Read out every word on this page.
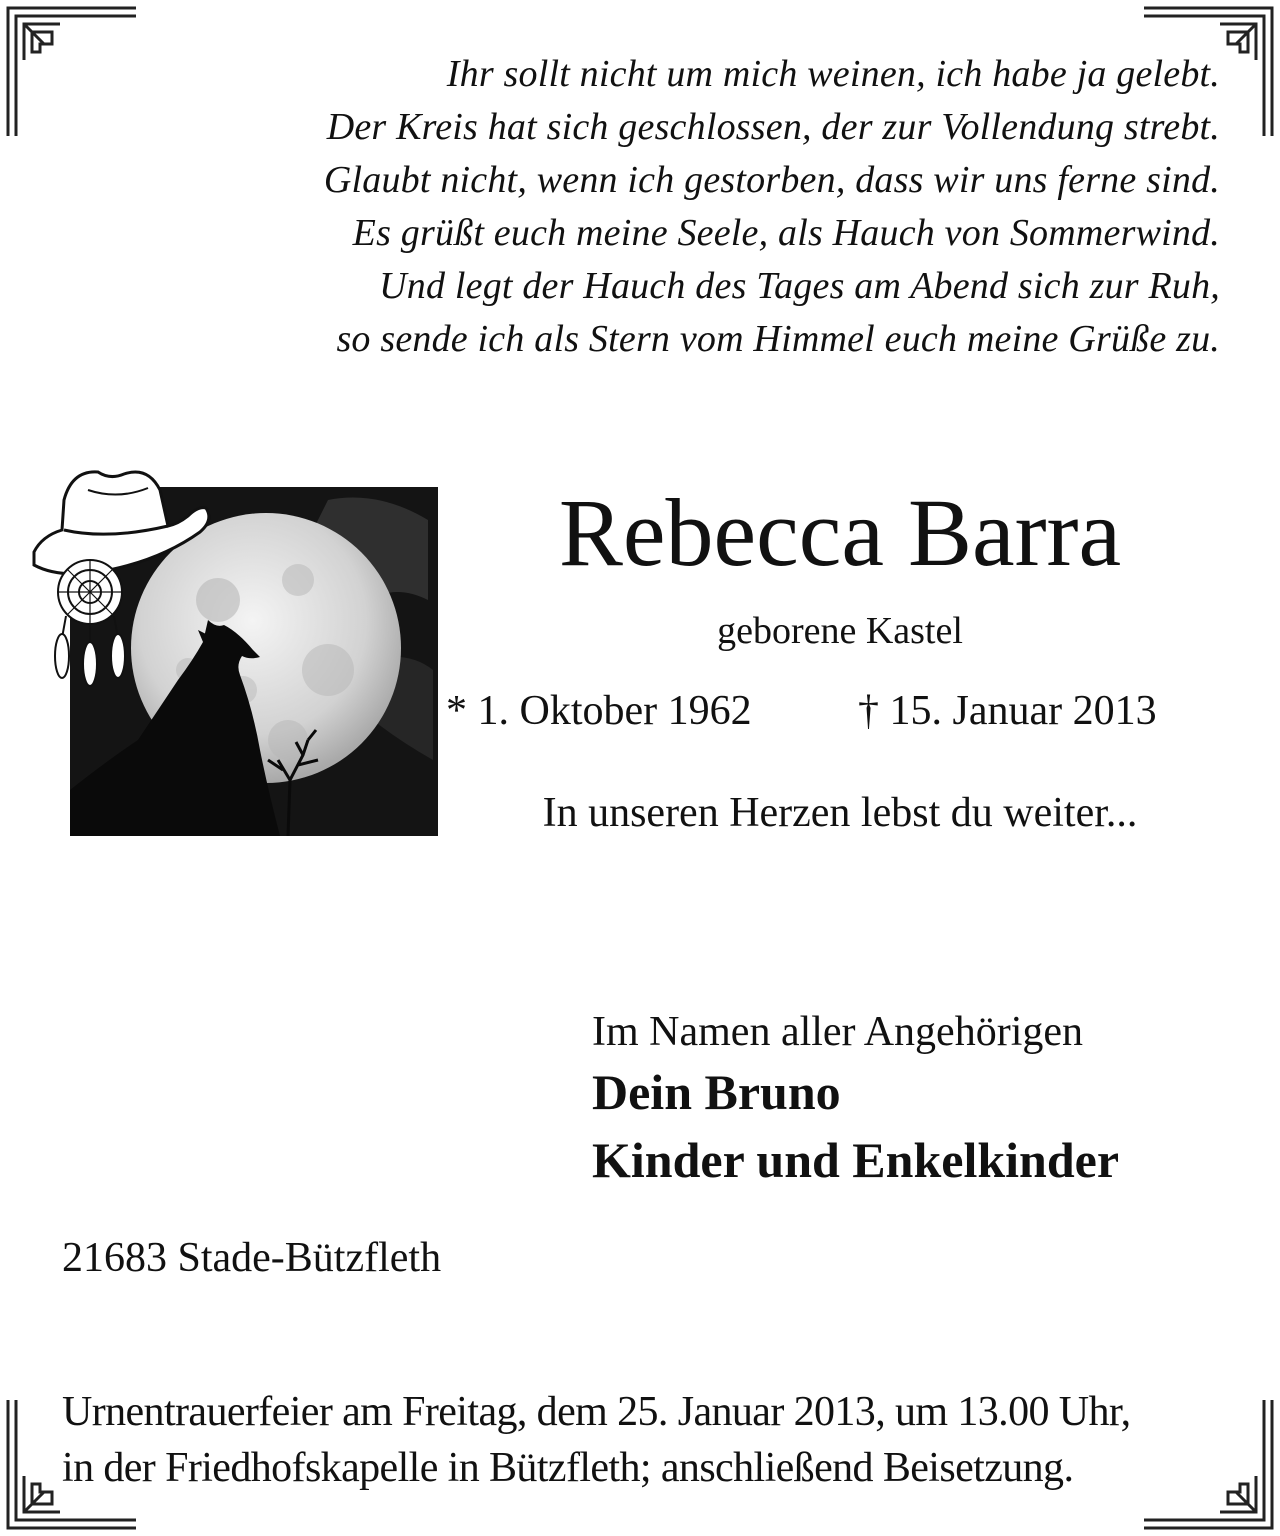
Ihr sollt nicht um mich weinen, ich habe ja gelebt.
Der Kreis hat sich geschlossen, der zur Vollendung strebt.
Glaubt nicht, wenn ich gestorben, dass wir uns ferne sind.
Es grüßt euch meine Seele, als Hauch von Sommerwind.
Und legt der Hauch des Tages am Abend sich zur Ruh,
so sende ich als Stern vom Himmel euch meine Grüße zu.
Rebecca Barra
geborene Kastel
* 1. Oktober 1962	† 15. Januar 2013
In unseren Herzen lebst du weiter...
Im Namen aller Angehörigen
Dein Bruno
Kinder und Enkelkinder
21683 Stade-Bützfleth
Urnentrauerfeier am Freitag, dem 25. Januar 2013, um 13.00 Uhr,
in der Friedhofskapelle in Bützfleth; anschließend Beisetzung.
